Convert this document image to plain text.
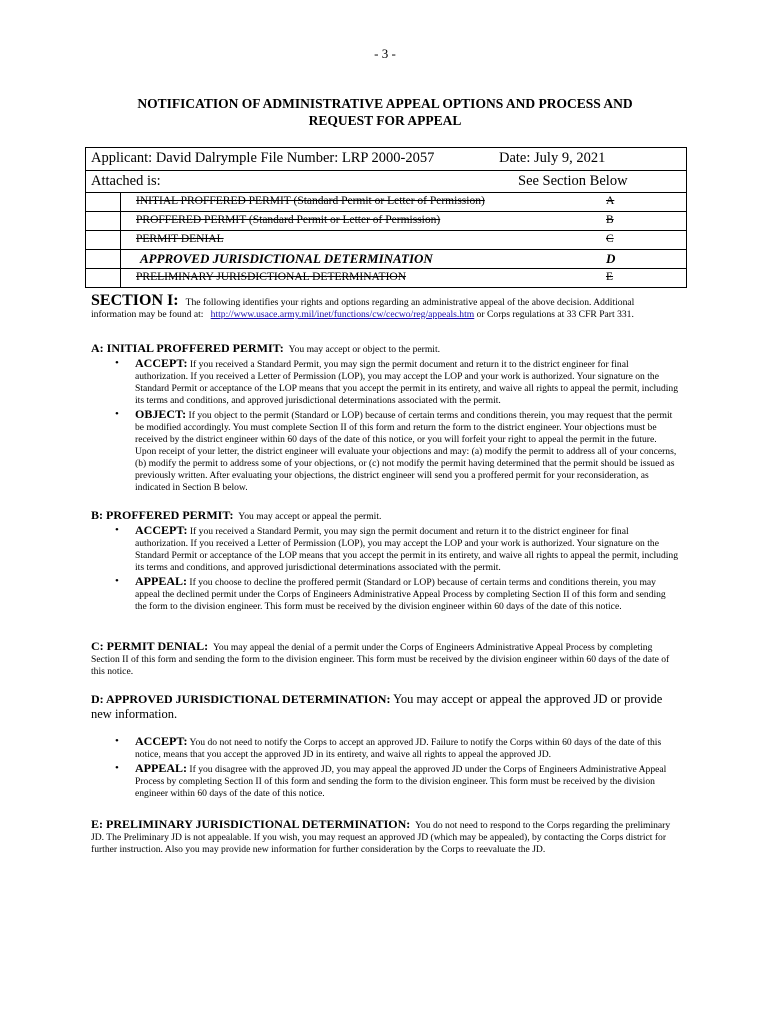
- 3 -
NOTIFICATION OF ADMINISTRATIVE APPEAL OPTIONS AND PROCESS AND
REQUEST FOR APPEAL
Applicant: David Dalrymple File Number: LRP 2000-2057	Date: July 9, 2021
Attached is:	See Section Below
INITIAL PROFFERED PERMIT (Standard Permit or Letter of Permission)	A
PROFFERED PERMIT (Standard Permit or Letter of Permission)	B
PERMIT DENIAL	C
APPROVED JURISDICTIONAL DETERMINATION	D
PRELIMINARY JURISDICTIONAL DETERMINATION	E
SECTION I: The following identifies your rights and options regarding an administrative appeal of the above decision. Additional information may be found at: http://www.usace.army.mil/inet/functions/cw/cecwo/reg/appeals.htm or Corps regulations at 33 CFR Part 331.
A: INITIAL PROFFERED PERMIT: You may accept or object to the permit.
• ACCEPT: If you received a Standard Permit, you may sign the permit document and return it to the district engineer for final authorization. If you received a Letter of Permission (LOP), you may accept the LOP and your work is authorized. Your signature on the Standard Permit or acceptance of the LOP means that you accept the permit in its entirety, and waive all rights to appeal the permit, including its terms and conditions, and approved jurisdictional determinations associated with the permit.
• OBJECT: If you object to the permit (Standard or LOP) because of certain terms and conditions therein, you may request that the permit be modified accordingly. You must complete Section II of this form and return the form to the district engineer. Your objections must be received by the district engineer within 60 days of the date of this notice, or you will forfeit your right to appeal the permit in the future. Upon receipt of your letter, the district engineer will evaluate your objections and may: (a) modify the permit to address all of your concerns, (b) modify the permit to address some of your objections, or (c) not modify the permit having determined that the permit should be issued as previously written. After evaluating your objections, the district engineer will send you a proffered permit for your reconsideration, as indicated in Section B below.
B: PROFFERED PERMIT: You may accept or appeal the permit.
• ACCEPT: If you received a Standard Permit, you may sign the permit document and return it to the district engineer for final authorization. If you received a Letter of Permission (LOP), you may accept the LOP and your work is authorized. Your signature on the Standard Permit or acceptance of the LOP means that you accept the permit in its entirety, and waive all rights to appeal the permit, including its terms and conditions, and approved jurisdictional determinations associated with the permit.
• APPEAL: If you choose to decline the proffered permit (Standard or LOP) because of certain terms and conditions therein, you may appeal the declined permit under the Corps of Engineers Administrative Appeal Process by completing Section II of this form and sending the form to the division engineer. This form must be received by the division engineer within 60 days of the date of this notice.
C: PERMIT DENIAL: You may appeal the denial of a permit under the Corps of Engineers Administrative Appeal Process by completing Section II of this form and sending the form to the division engineer. This form must be received by the division engineer within 60 days of the date of this notice.
D: APPROVED JURISDICTIONAL DETERMINATION: You may accept or appeal the approved JD or provide new information.
• ACCEPT: You do not need to notify the Corps to accept an approved JD. Failure to notify the Corps within 60 days of the date of this notice, means that you accept the approved JD in its entirety, and waive all rights to appeal the approved JD.
• APPEAL: If you disagree with the approved JD, you may appeal the approved JD under the Corps of Engineers Administrative Appeal Process by completing Section II of this form and sending the form to the division engineer. This form must be received by the division engineer within 60 days of the date of this notice.
E: PRELIMINARY JURISDICTIONAL DETERMINATION: You do not need to respond to the Corps regarding the preliminary JD. The Preliminary JD is not appealable. If you wish, you may request an approved JD (which may be appealed), by contacting the Corps district for further instruction. Also you may provide new information for further consideration by the Corps to reevaluate the JD.
